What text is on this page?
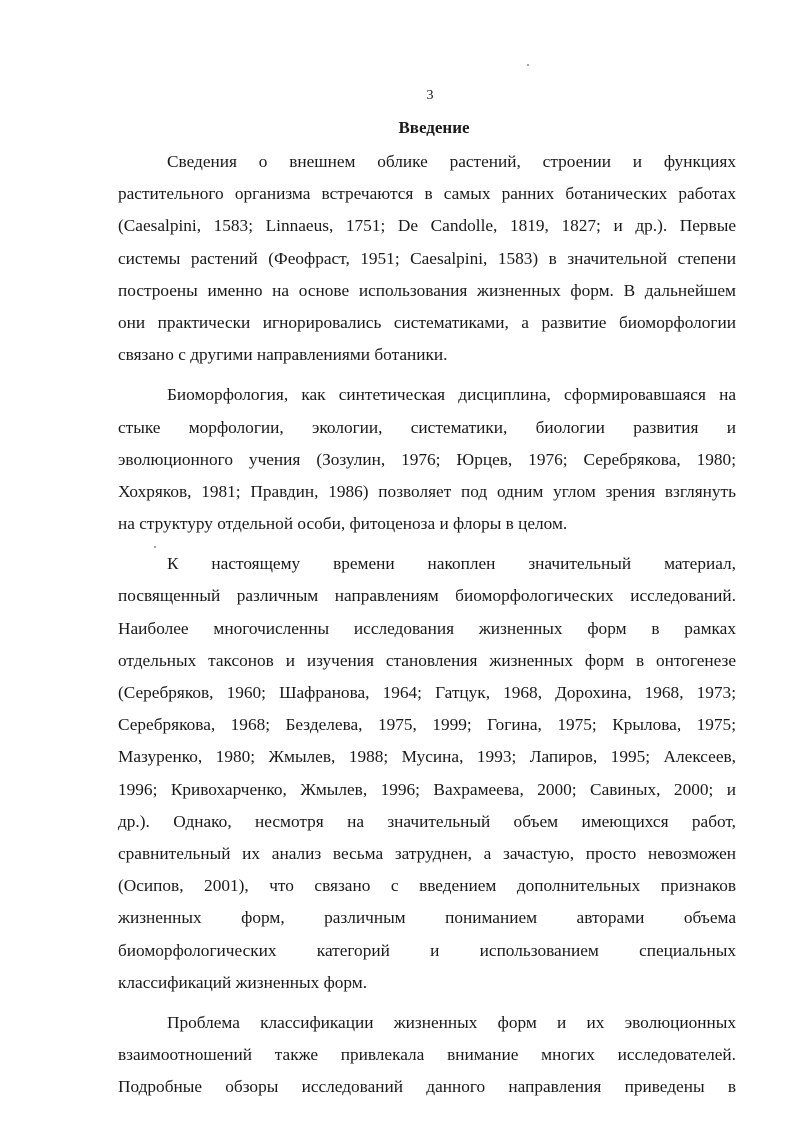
3
Введение
Сведения о внешнем облике растений, строении и функциях
растительного организма встречаются в самых ранних ботанических работах
(Caesalpini, 1583; Linnaeus, 1751; De Candolle, 1819, 1827; и др.). Первые
системы растений (Феофраст, 1951; Caesalpini, 1583) в значительной степени
построены именно на основе использования жизненных форм. В дальнейшем
они практически игнорировались систематиками, а развитие биоморфологии
связано с другими направлениями ботаники.
Биоморфология, как синтетическая дисциплина, сформировавшаяся на
стыке морфологии, экологии, систематики, биологии развития и
эволюционного учения (Зозулин, 1976; Юрцев, 1976; Серебрякова, 1980;
Хохряков, 1981; Правдин, 1986) позволяет под одним углом зрения взглянуть
на структуру отдельной особи, фитоценоза и флоры в целом.
К настоящему времени накоплен значительный материал,
посвященный различным направлениям биоморфологических исследований.
Наиболее многочисленны исследования жизненных форм в рамках
отдельных таксонов и изучения становления жизненных форм в онтогенезе
(Серебряков, 1960; Шафранова, 1964; Гатцук, 1968, Дорохина, 1968, 1973;
Серебрякова, 1968; Безделева, 1975, 1999; Гогина, 1975; Крылова, 1975;
Мазуренко, 1980; Жмылев, 1988; Мусина, 1993; Лапиров, 1995; Алексеев,
1996; Кривохарченко, Жмылев, 1996; Вахрамеева, 2000; Савиных, 2000; и
др.). Однако, несмотря на значительный объем имеющихся работ,
сравнительный их анализ весьма затруднен, а зачастую, просто невозможен
(Осипов, 2001), что связано с введением дополнительных признаков
жизненных форм, различным пониманием авторами объема
биоморфологических категорий и использованием специальных
классификаций жизненных форм.
Проблема классификации жизненных форм и их эволюционных
взаимоотношений также привлекала внимание многих исследователей.
Подробные обзоры исследований данного направления приведены в
